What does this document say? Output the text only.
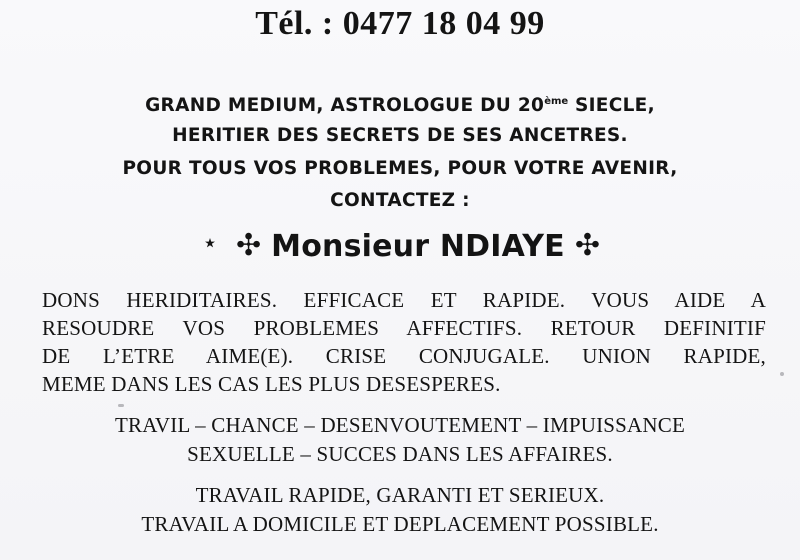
Tél. : 0477 18 04 99
GRAND MEDIUM, ASTROLOGUE DU 20ème SIECLE,
HERITIER DES SECRETS DE SES ANCETRES.
POUR TOUS VOS PROBLEMES, POUR VOTRE AVENIR,
CONTACTEZ :
✣ Monsieur NDIAYE ✣
DONS HERIDITAIRES. EFFICACE ET RAPIDE. VOUS AIDE A
RESOUDRE VOS PROBLEMES AFFECTIFS. RETOUR DEFINITIF
DE L’ETRE AIME(E). CRISE CONJUGALE. UNION RAPIDE,
MEME DANS LES CAS LES PLUS DESESPERES.
TRAVIL – CHANCE – DESENVOUTEMENT – IMPUISSANCE
SEXUELLE – SUCCES DANS LES AFFAIRES.
TRAVAIL RAPIDE, GARANTI ET SERIEUX.
TRAVAIL A DOMICILE ET DEPLACEMENT POSSIBLE.
